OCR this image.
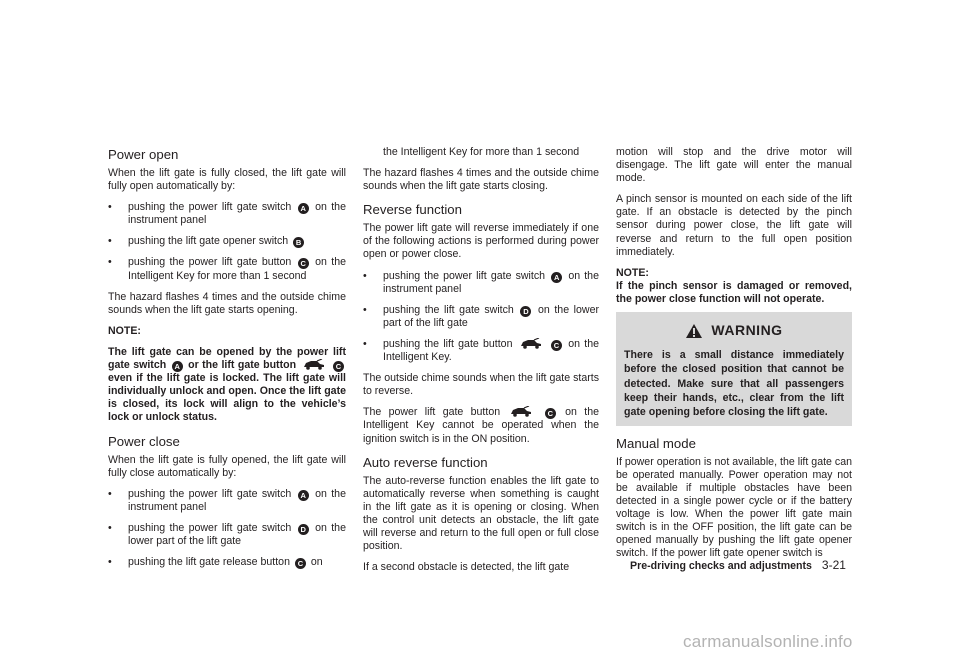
Power open

When the lift gate is fully closed, the lift gate will fully open automatically by:

• pushing the power lift gate switch A on the instrument panel
• pushing the lift gate opener switch B
• pushing the power lift gate button C on the Intelligent Key for more than 1 second

The hazard flashes 4 times and the outside chime sounds when the lift gate starts opening.

NOTE:
The lift gate can be opened by the power lift gate switch A or the lift gate button	C even if the lift gate is locked. The lift gate will individually unlock and open. Once the lift gate is closed, its lock will align to the vehicle’s lock or unlock status.
Power close

When the lift gate is fully opened, the lift gate will fully close automatically by:

• pushing the power lift gate switch A on the instrument panel
• pushing the power lift gate switch D on the lower part of the lift gate
• pushing the lift gate release button C on
the Intelligent Key for more than 1 second

The hazard flashes 4 times and the outside chime sounds when the lift gate starts closing.

Reverse function

The power lift gate will reverse immediately if one of the following actions is performed during power open or power close.

• pushing the power lift gate switch A on the instrument panel
• pushing the lift gate switch D on the lower part of the lift gate
• pushing the lift gate button	C on the Intelligent Key.

The outside chime sounds when the lift gate starts to reverse.

The power lift gate button	C on the Intelligent Key cannot be operated when the ignition switch is in the ON position.

Auto reverse function

The auto-reverse function enables the lift gate to automatically reverse when something is caught in the lift gate as it is opening or closing. When the control unit detects an obstacle, the lift gate will reverse and return to the full open or full close position.

If a second obstacle is detected, the lift gate

motion will stop and the drive motor will disengage. The lift gate will enter the manual mode.

A pinch sensor is mounted on each side of the lift gate. If an obstacle is detected by the pinch sensor during power close, the lift gate will reverse and return to the full open position immediately.

NOTE:
If the pinch sensor is damaged or removed, the power close function will not operate.
WARNING
There is a small distance immediately before the closed position that cannot be detected. Make sure that all passengers keep their hands, etc., clear from the lift gate opening before closing the lift gate.
Manual mode

If power operation is not available, the lift gate can be operated manually. Power operation may not be available if multiple obstacles have been detected in a single power cycle or if the battery voltage is low. When the power lift gate main switch is in the OFF position, the lift gate can be opened manually by pushing the lift gate opener switch. If the power lift gate opener switch is

Pre-driving checks and adjustments 3-21
carmanualsonline.info
